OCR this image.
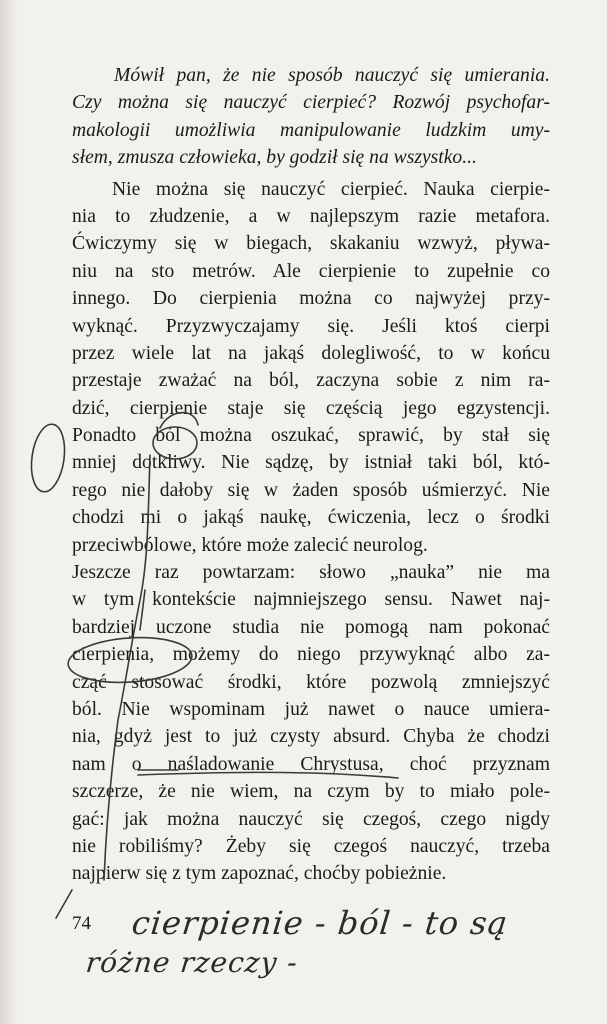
Mówił pan, że nie sposób nauczyć się umierania.
Czy można się nauczyć cierpieć? Rozwój psychofar-
makologii umożliwia manipulowanie ludzkim umy-
słem, zmusza człowieka, by godził się na wszystko...
Nie można się nauczyć cierpieć. Nauka cierpie-
nia to złudzenie, a w najlepszym razie metafora.
Ćwiczymy się w biegach, skakaniu wzwyż, pływa-
niu na sto metrów. Ale cierpienie to zupełnie co
innego. Do cierpienia można co najwyżej przy-
wyknąć. Przyzwyczajamy się. Jeśli ktoś cierpi
przez wiele lat na jakąś dolegliwość, to w końcu
przestaje zważać na ból, zaczyna sobie z nim ra-
dzić, cierpienie staje się częścią jego egzystencji.
Ponadto ból można oszukać, sprawić, by stał się
mniej dotkliwy. Nie sądzę, by istniał taki ból, któ-
rego nie dałoby się w żaden sposób uśmierzyć. Nie
chodzi mi o jakąś naukę, ćwiczenia, lecz o środki
przeciwbólowe, które może zalecić neurolog.
Jeszcze raz powtarzam: słowo „nauka” nie ma
w tym kontekście najmniejszego sensu. Nawet naj-
bardziej uczone studia nie pomogą nam pokonać
cierpienia, możemy do niego przywyknąć albo za-
cząć stosować środki, które pozwolą zmniejszyć
ból. Nie wspominam już nawet o nauce umiera-
nia, gdyż jest to już czysty absurd. Chyba że chodzi
nam o naśladowanie Chrystusa, choć przyznam
szczerze, że nie wiem, na czym by to miało pole-
gać: jak można nauczyć się czegoś, czego nigdy
nie robiliśmy? Żeby się czegoś nauczyć, trzeba
najpierw się z tym zapoznać, choćby pobieżnie.
74 cierpienie - ból - to są
różne rzeczy -
